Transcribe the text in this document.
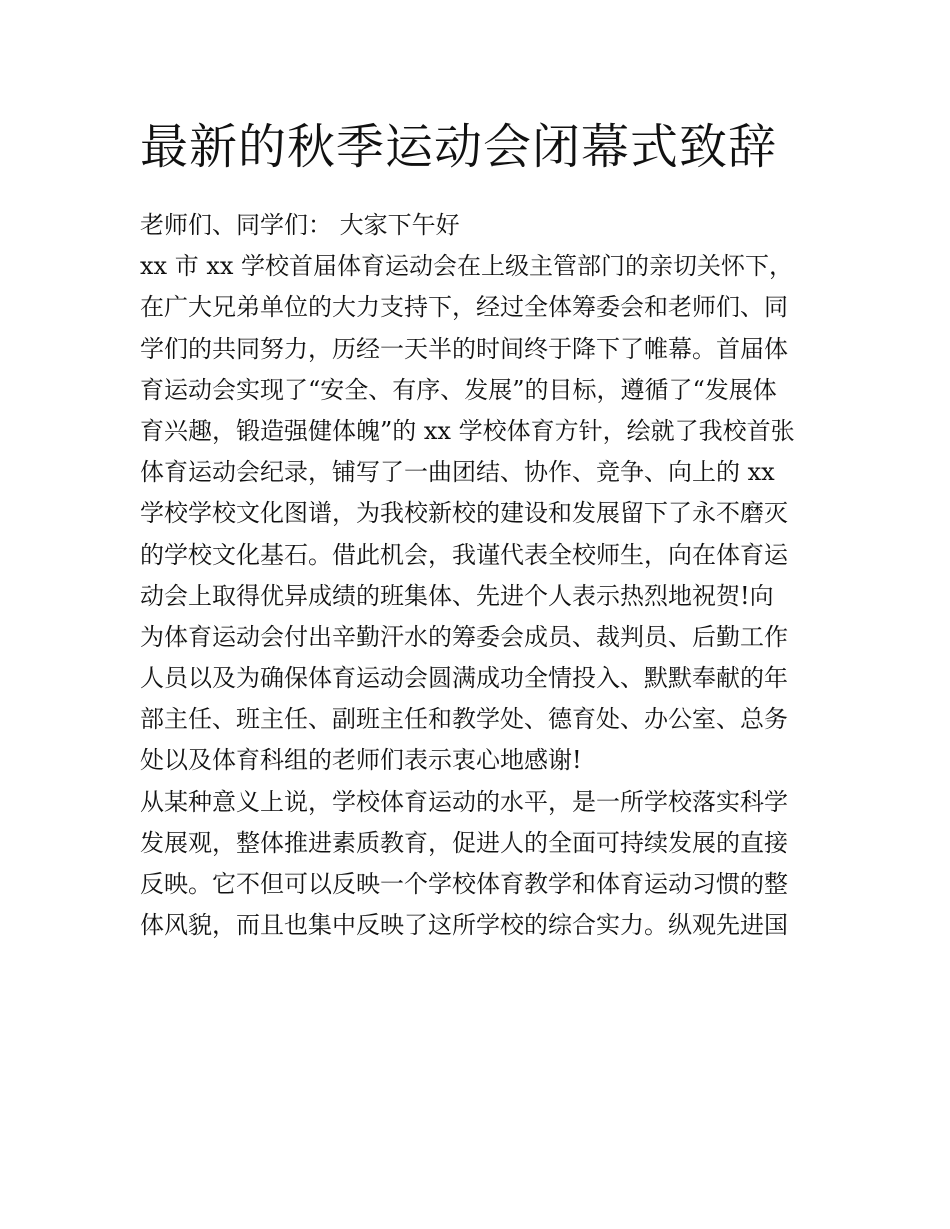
最新的秋季运动会闭幕式致辞
老师们、同学们： 大家下午好
xx 市 xx 学校首届体育运动会在上级主管部门的亲切关怀下，
在广大兄弟单位的大力支持下，经过全体筹委会和老师们、同
学们的共同努力，历经一天半的时间终于降下了帷幕。首届体
育运动会实现了“安全、有序、发展”的目标，遵循了“发展体
育兴趣，锻造强健体魄”的 xx 学校体育方针，绘就了我校首张
体育运动会纪录，铺写了一曲团结、协作、竞争、向上的 xx
学校学校文化图谱，为我校新校的建设和发展留下了永不磨灭
的学校文化基石。借此机会，我谨代表全校师生，向在体育运
动会上取得优异成绩的班集体、先进个人表示热烈地祝贺!向
为体育运动会付出辛勤汗水的筹委会成员、裁判员、后勤工作
人员以及为确保体育运动会圆满成功全情投入、默默奉献的年
部主任、班主任、副班主任和教学处、德育处、办公室、总务
处以及体育科组的老师们表示衷心地感谢!
从某种意义上说，学校体育运动的水平，是一所学校落实科学
发展观，整体推进素质教育，促进人的全面可持续发展的直接
反映。它不但可以反映一个学校体育教学和体育运动习惯的整
体风貌，而且也集中反映了这所学校的综合实力。纵观先进国
